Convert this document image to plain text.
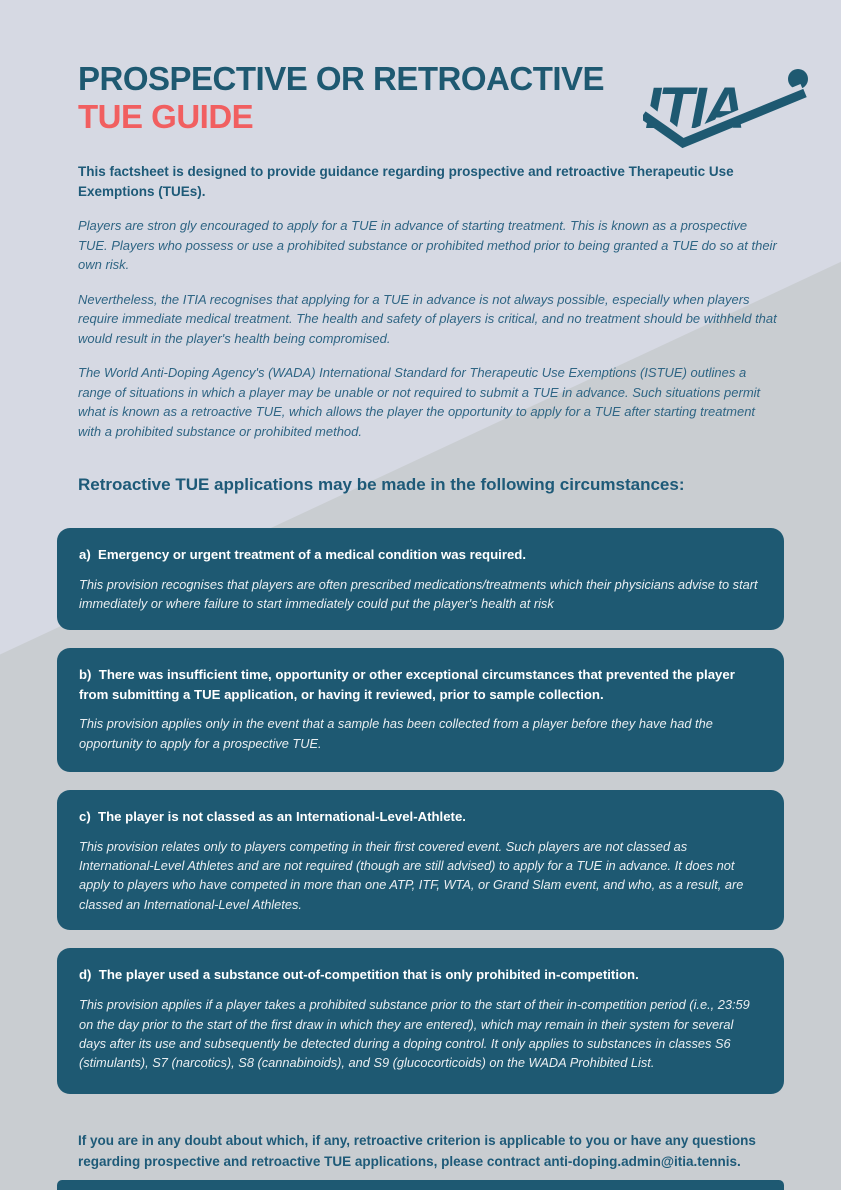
ITIA
PROSPECTIVE OR RETROACTIVE
TUE GUIDE

This factsheet is designed to provide guidance regarding prospective and retroactive Therapeutic Use Exemptions (TUEs).

Players are stron gly encouraged to apply for a TUE in advance of starting treatment. This is known as a prospective TUE. Players who possess or use a prohibited substance or prohibited method prior to being granted a TUE do so at their own risk.

Nevertheless, the ITIA recognises that applying for a TUE in advance is not always possible, especially when players require immediate medical treatment. The health and safety of players is critical, and no treatment should be withheld that would result in the player's health being compromised.

The World Anti-Doping Agency's (WADA) International Standard for Therapeutic Use Exemptions (ISTUE) outlines a range of situations in which a player may be unable or not required to submit a TUE in advance. Such situations permit what is known as a retroactive TUE, which allows the player the opportunity to apply for a TUE after starting treatment with a prohibited substance or prohibited method.

Retroactive TUE applications may be made in the following circumstances:
a)  Emergency or urgent treatment of a medical condition was required.
This provision recognises that players are often prescribed medications/treatments which their physicians advise to start immediately or where failure to start immediately could put the player's health at risk
b)  There was insufficient time, opportunity or other exceptional circumstances that prevented the player from submitting a TUE application, or having it reviewed, prior to sample collection.
This provision applies only in the event that a sample has been collected from a player before they have had the opportunity to apply for a prospective TUE.
c)  The player is not classed as an International-Level-Athlete.
This provision relates only to players competing in their first covered event. Such players are not classed as International-Level Athletes and are not required (though are still advised) to apply for a TUE in advance. It does not apply to players who have competed in more than one ATP, ITF, WTA, or Grand Slam event, and who, as a result, are classed an International-Level Athletes.
d)  The player used a substance out-of-competition that is only prohibited in-competition.
This provision applies if a player takes a prohibited substance prior to the start of their in-competition period (i.e., 23:59 on the day prior to the start of the first draw in which they are entered), which may remain in their system for several days after its use and subsequently be detected during a doping control. It only applies to substances in classes S6 (stimulants), S7 (narcotics), S8 (cannabinoids), and S9 (glucocorticoids) on the WADA Prohibited List.

If you are in any doubt about which, if any, retroactive criterion is applicable to you or have any questions regarding prospective and retroactive TUE applications, please contract anti-doping.admin@itia.tennis.
